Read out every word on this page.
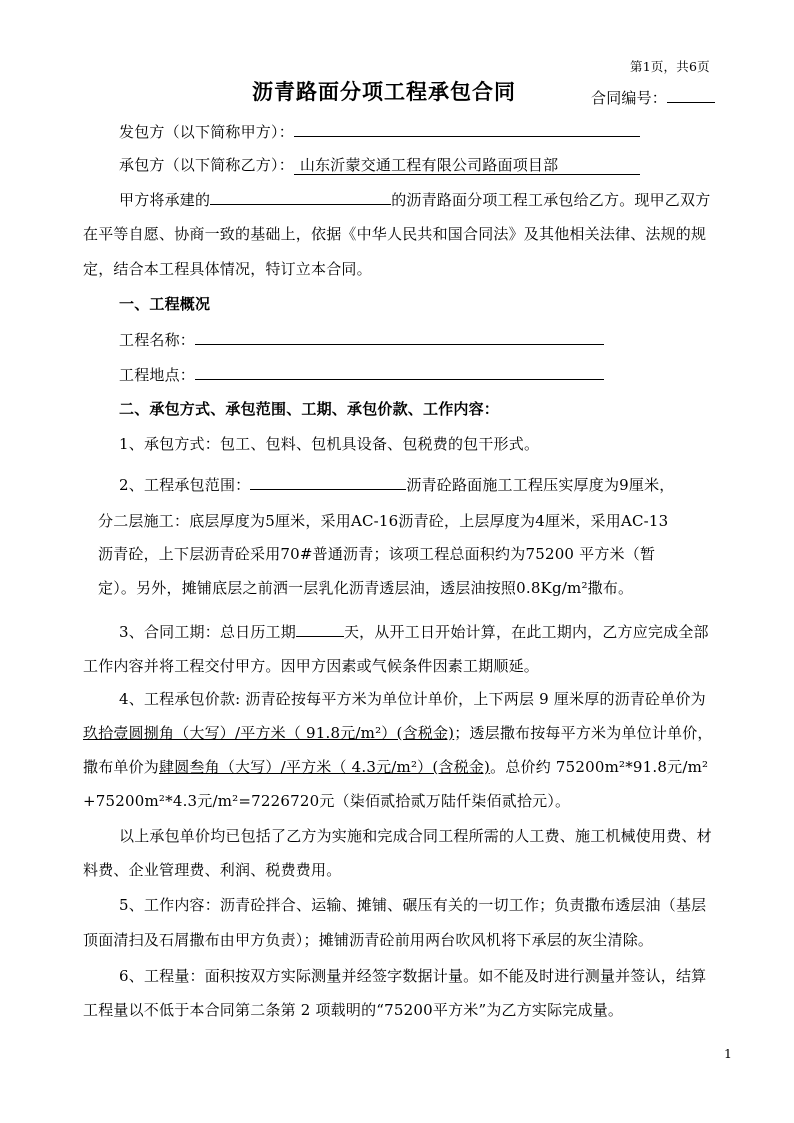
第1页，共6页
沥青路面分项工程承包合同	合同编号：
发包方（以下简称甲方）：
承包方（以下简称乙方）： 山东沂蒙交通工程有限公司路面项目部
甲方将承建的	的沥青路面分项工程工承包给乙方。现甲乙双方
在平等自愿、协商一致的基础上，依据《中华人民共和国合同法》及其他相关法律、法规的规
定，结合本工程具体情况，特订立本合同。
一、工程概况
工程名称：
工程地点：
二、承包方式、承包范围、工期、承包价款、工作内容：
1、承包方式：包工、包料、包机具设备、包税费的包干形式。
2、工程承包范围：	沥青砼路面施工工程压实厚度为9厘米，
分二层施工：底层厚度为5厘米，采用AC-16沥青砼，上层厚度为4厘米，采用AC-13
沥青砼，上下层沥青砼采用70#普通沥青；该项工程总面积约为75200 平方米（暂
定）。另外，摊铺底层之前洒一层乳化沥青透层油，透层油按照0.8Kg/m²撒布。
3、合同工期：总日历工期	天，从开工日开始计算，在此工期内，乙方应完成全部
工作内容并将工程交付甲方。因甲方因素或气候条件因素工期顺延。
4、工程承包价款: 沥青砼按每平方米为单位计单价，上下两层 9 厘米厚的沥青砼单价为
玖拾壹圆捌角（大写）/平方米（ 91.8元/m²）(含税金)；透层撒布按每平方米为单位计单价，
撒布单价为肆圆叁角（大写）/平方米（ 4.3元/m²）(含税金)。总价约 75200m²*91.8元/m²
+75200m²*4.3元/m²=7226720元（柒佰贰拾贰万陆仟柒佰贰拾元）。
以上承包单价均已包括了乙方为实施和完成合同工程所需的人工费、施工机械使用费、材
料费、企业管理费、利润、税费费用。
5、工作内容：沥青砼拌合、运输、摊铺、碾压有关的一切工作；负责撒布透层油（基层
顶面清扫及石屑撒布由甲方负责）；摊铺沥青砼前用两台吹风机将下承层的灰尘清除。
6、工程量：面积按双方实际测量并经签字数据计量。如不能及时进行测量并签认，结算
工程量以不低于本合同第二条第 2 项载明的“75200平方米”为乙方实际完成量。
1
